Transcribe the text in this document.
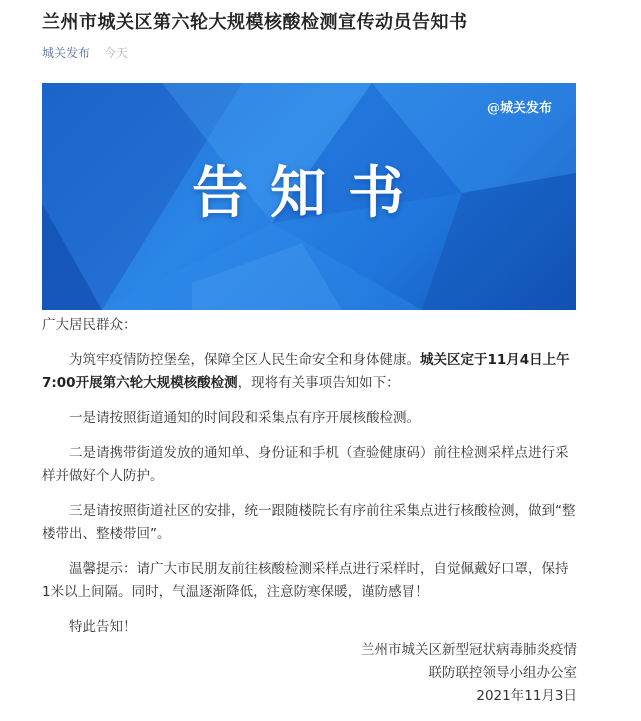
兰州市城关区第六轮大规模核酸检测宣传动员告知书
城关发布 今天
@城关发布
告知书

广大居民群众：

为筑牢疫情防控堡垒，保障全区人民生命安全和身体健康。城关区定于11月4日上午7:00开展第六轮大规模核酸检测，现将有关事项告知如下：

一是请按照街道通知的时间段和采集点有序开展核酸检测。

二是请携带街道发放的通知单、身份证和手机（查验健康码）前往检测采样点进行采样并做好个人防护。

三是请按照街道社区的安排，统一跟随楼院长有序前往采集点进行核酸检测，做到“整楼带出、整楼带回”。

温馨提示：请广大市民朋友前往核酸检测采样点进行采样时，自觉佩戴好口罩，保持1米以上间隔。同时，气温逐渐降低，注意防寒保暖，谨防感冒！

特此告知！

兰州市城关区新型冠状病毒肺炎疫情
联防联控领导小组办公室
2021年11月3日
